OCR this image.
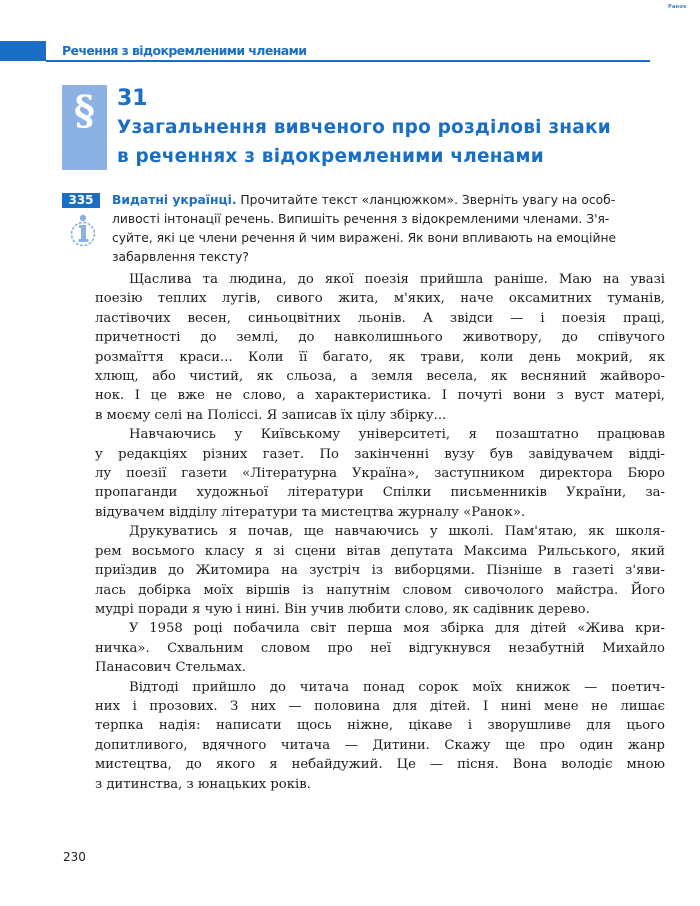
Ранок
Речення з відокремленими членами
§	31
Узагальнення вивченого про розділові знаки
в реченнях з відокремленими членами
335	Видатні українці. Прочитайте текст «ланцюжком». Зверніть увагу на особ-
ливості інтонації речень. Випишіть речення з відокремленими членами. З'я-
суйте, які це члени речення й чим виражені. Як вони впливають на емоційне
забарвлення тексту?
Щаслива та людина, до якої поезія прийшла раніше. Маю на увазі
поезію теплих лугів, сивого жита, м'яких, наче оксамитних туманів,
ластівочих весен, синьоцвітних льонів. А звідси — і поезія праці,
причетності до землі, до навколишнього животвору, до співучого
розмаїття краси... Коли її багато, як трави, коли день мокрий, як
хлющ, або чистий, як сльоза, а земля весела, як весняний жайворо-
нок. І це вже не слово, а характеристика. І почуті вони з вуст матері,
в моєму селі на Поліссі. Я записав їх цілу збірку...
Навчаючись у Київському університеті, я позаштатно працював
у редакціях різних газет. По закінченні вузу був завідувачем відді-
лу поезії газети «Літературна Україна», заступником директора Бюро
пропаганди художньої літератури Спілки письменників України, за-
відувачем відділу літератури та мистецтва журналу «Ранок».
Друкуватись я почав, ще навчаючись у школі. Пам'ятаю, як школя-
рем восьмого класу я зі сцени вітав депутата Максима Рильського, який
приїздив до Житомира на зустріч із виборцями. Пізніше в газеті з'яви-
лась добірка моїх віршів із напутнім словом сивочолого майстра. Його
мудрі поради я чую і нині. Він учив любити слово, як садівник дерево.
У 1958 році побачила світ перша моя збірка для дітей «Жива кри-
ничка». Схвальним словом про неї відгукнувся незабутній Михайло
Панасович Стельмах.
Відтоді прийшло до читача понад сорок моїх книжок — поетич-
них і прозових. З них — половина для дітей. І нині мене не лишає
терпка надія: написати щось ніжне, цікаве і зворушливе для цього
допитливого, вдячного читача — Дитини. Скажу ще про один жанр
мистецтва, до якого я небайдужий. Це — пісня. Вона володіє мною
з дитинства, з юнацьких років.
230
